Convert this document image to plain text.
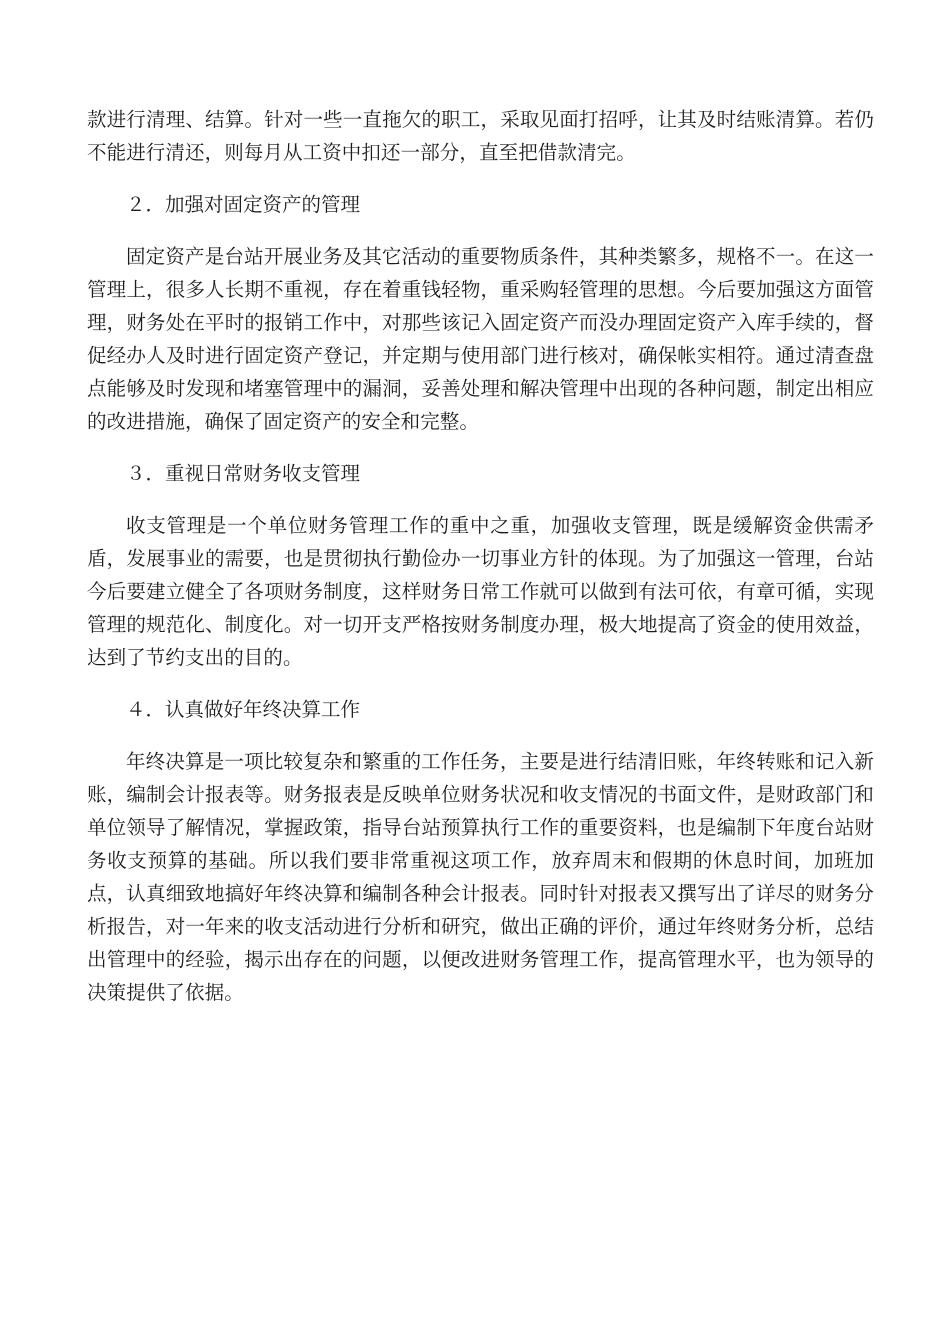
款进行清理、结算。针对一些一直拖欠的职工，采取见面打招呼，让其及时结账清算。若仍不能进行清还，则每月从工资中扣还一部分，直至把借款清完。

２．加强对固定资产的管理

固定资产是台站开展业务及其它活动的重要物质条件，其种类繁多，规格不一。在这一管理上，很多人长期不重视，存在着重钱轻物，重采购轻管理的思想。今后要加强这方面管理，财务处在平时的报销工作中，对那些该记入固定资产而没办理固定资产入库手续的，督促经办人及时进行固定资产登记，并定期与使用部门进行核对，确保帐实相符。通过清查盘点能够及时发现和堵塞管理中的漏洞，妥善处理和解决管理中出现的各种问题，制定出相应的改进措施，确保了固定资产的安全和完整。

３．重视日常财务收支管理

收支管理是一个单位财务管理工作的重中之重，加强收支管理，既是缓解资金供需矛盾，发展事业的需要，也是贯彻执行勤俭办一切事业方针的体现。为了加强这一管理，台站今后要建立健全了各项财务制度，这样财务日常工作就可以做到有法可依，有章可循，实现管理的规范化、制度化。对一切开支严格按财务制度办理，极大地提高了资金的使用效益，达到了节约支出的目的。

４．认真做好年终决算工作

年终决算是一项比较复杂和繁重的工作任务，主要是进行结清旧账，年终转账和记入新账，编制会计报表等。财务报表是反映单位财务状况和收支情况的书面文件，是财政部门和单位领导了解情况，掌握政策，指导台站预算执行工作的重要资料，也是编制下年度台站财务收支预算的基础。所以我们要非常重视这项工作，放弃周末和假期的休息时间，加班加点，认真细致地搞好年终决算和编制各种会计报表。同时针对报表又撰写出了详尽的财务分析报告，对一年来的收支活动进行分析和研究，做出正确的评价，通过年终财务分析，总结出管理中的经验，揭示出存在的问题，以便改进财务管理工作，提高管理水平，也为领导的决策提供了依据。
